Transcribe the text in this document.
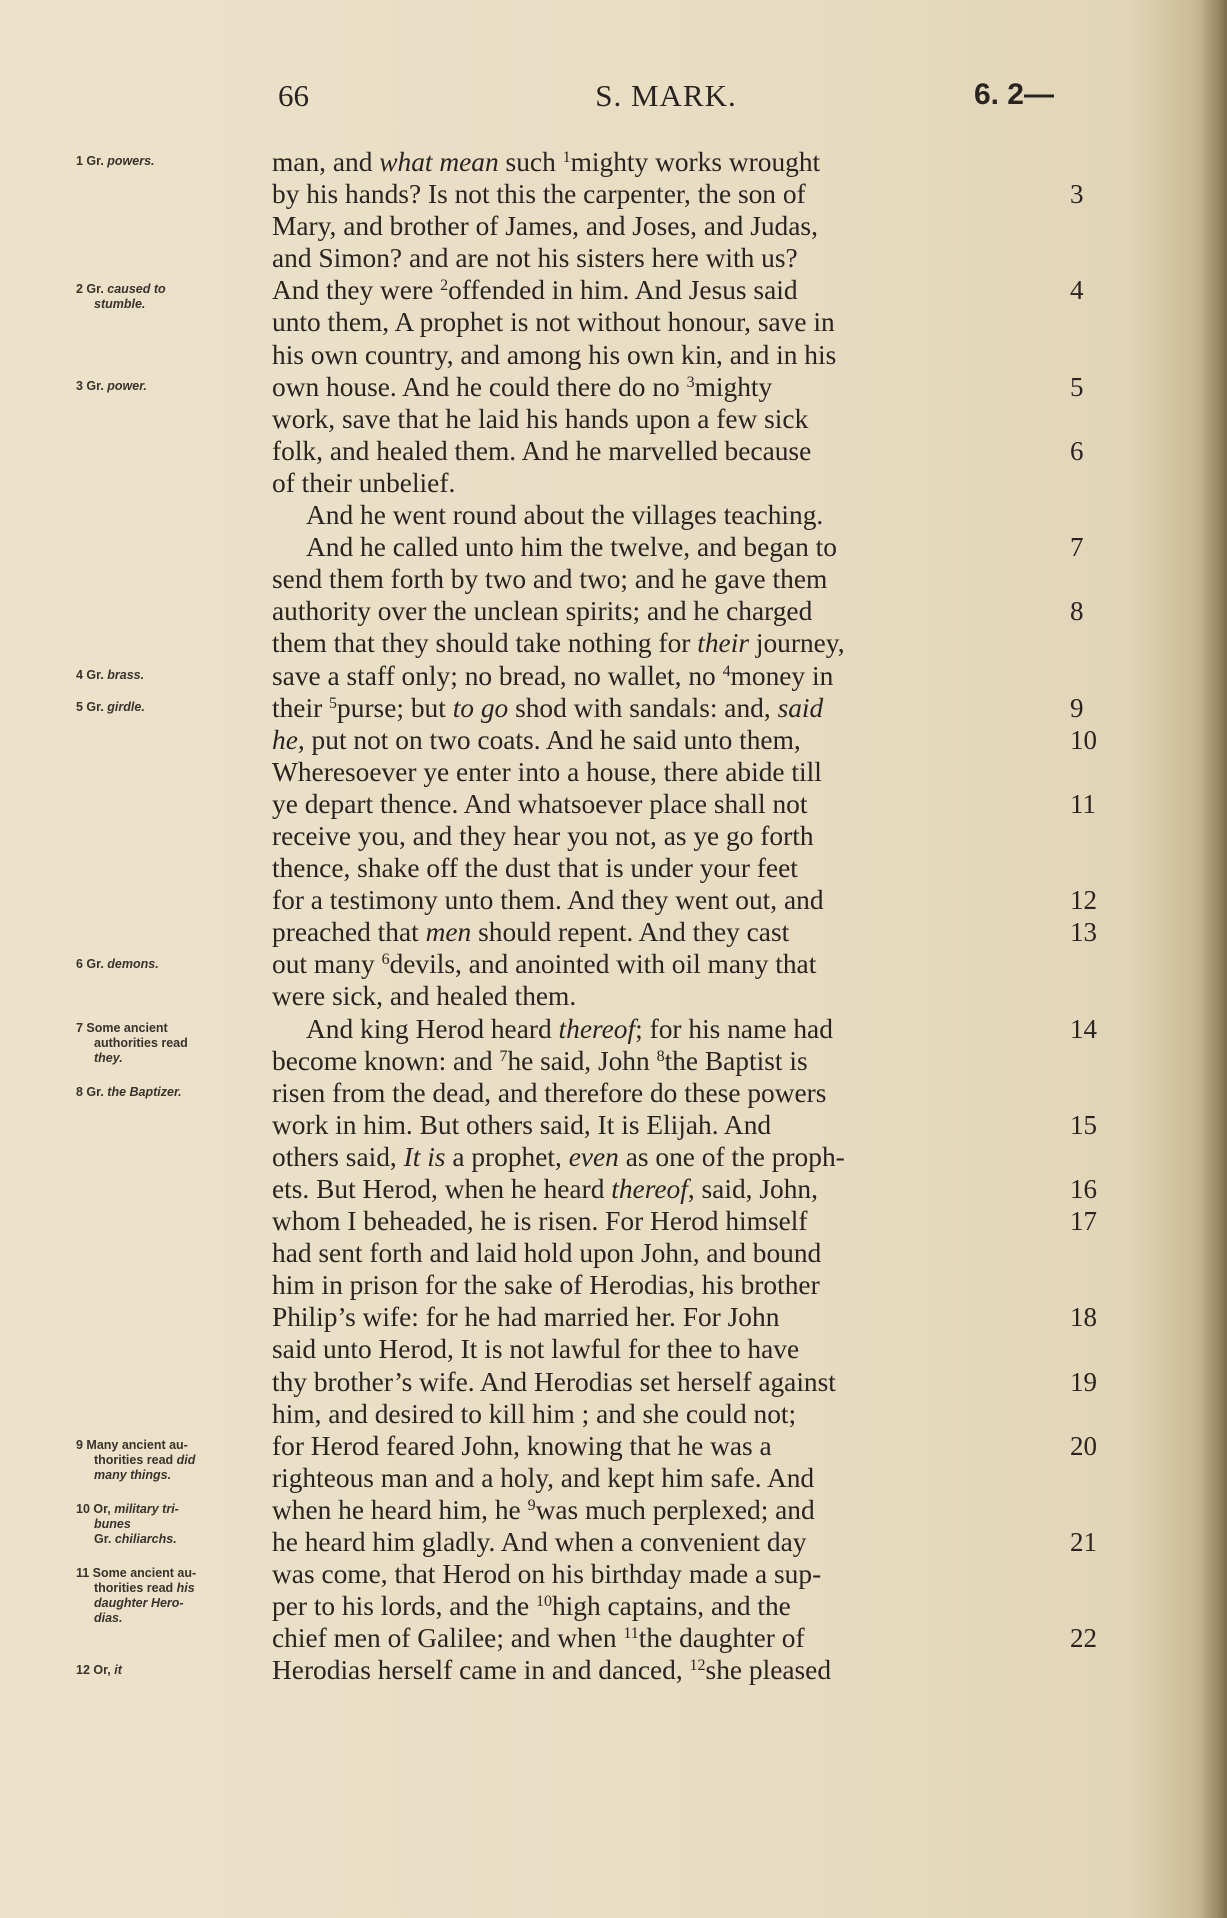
66	S. MARK.	6. 2—
man, and what mean such $^1$mighty works wrought
by his hands? Is not this the carpenter, the son of	3
Mary, and brother of James, and Joses, and Judas,
and Simon? and are not his sisters here with us?
And they were $^2$offended in him. And Jesus said	4
unto them, A prophet is not without honour, save in
his own country, and among his own kin, and in his
own house. And he could there do no $^3$mighty	5
work, save that he laid his hands upon a few sick
folk, and healed them. And he marvelled because	6
of their unbelief.
And he went round about the villages teaching.
And he called unto him the twelve, and began to	7
send them forth by two and two; and he gave them
authority over the unclean spirits; and he charged	8
them that they should take nothing for their journey,
save a staff only; no bread, no wallet, no $^4$money in
their $^5$purse; but to go shod with sandals: and, said	9
he, put not on two coats. And he said unto them,	10
Wheresoever ye enter into a house, there abide till
ye depart thence. And whatsoever place shall not	11
receive you, and they hear you not, as ye go forth
thence, shake off the dust that is under your feet
for a testimony unto them. And they went out, and	12
preached that men should repent. And they cast	13
out many $^6$devils, and anointed with oil many that
were sick, and healed them.
And king Herod heard thereof; for his name had	14
become known: and $^7$he said, John $^8$the Baptist is
risen from the dead, and therefore do these powers
work in him. But others said, It is Elijah. And	15
others said, It is a prophet, even as one of the proph-
ets. But Herod, when he heard thereof, said, John,	16
whom I beheaded, he is risen. For Herod himself	17
had sent forth and laid hold upon John, and bound
him in prison for the sake of Herodias, his brother
Philip’s wife: for he had married her. For John	18
said unto Herod, It is not lawful for thee to have
thy brother’s wife. And Herodias set herself against	19
him, and desired to kill him ; and she could not;
for Herod feared John, knowing that he was a	20
righteous man and a holy, and kept him safe. And
when he heard him, he $^9$was much perplexed; and
he heard him gladly. And when a convenient day	21
was come, that Herod on his birthday made a sup-
per to his lords, and the $^{10}$high captains, and the
chief men of Galilee; and when $^{11}$the daughter of	22
Herodias herself came in and danced, $^{12}$she pleased
1 Gr. powers.
2 Gr. caused to
stumble.
3 Gr. power.
4 Gr. brass.
5 Gr. girdle.
6 Gr. demons.
7 Some ancient
authorities read
they.
8 Gr. the Baptizer.
9 Many ancient au-
thorities read did
many things.
10 Or, military tri-
bunes
Gr. chiliarchs.
11 Some ancient au-
thorities read his
daughter Hero-
dias.
12 Or, it
